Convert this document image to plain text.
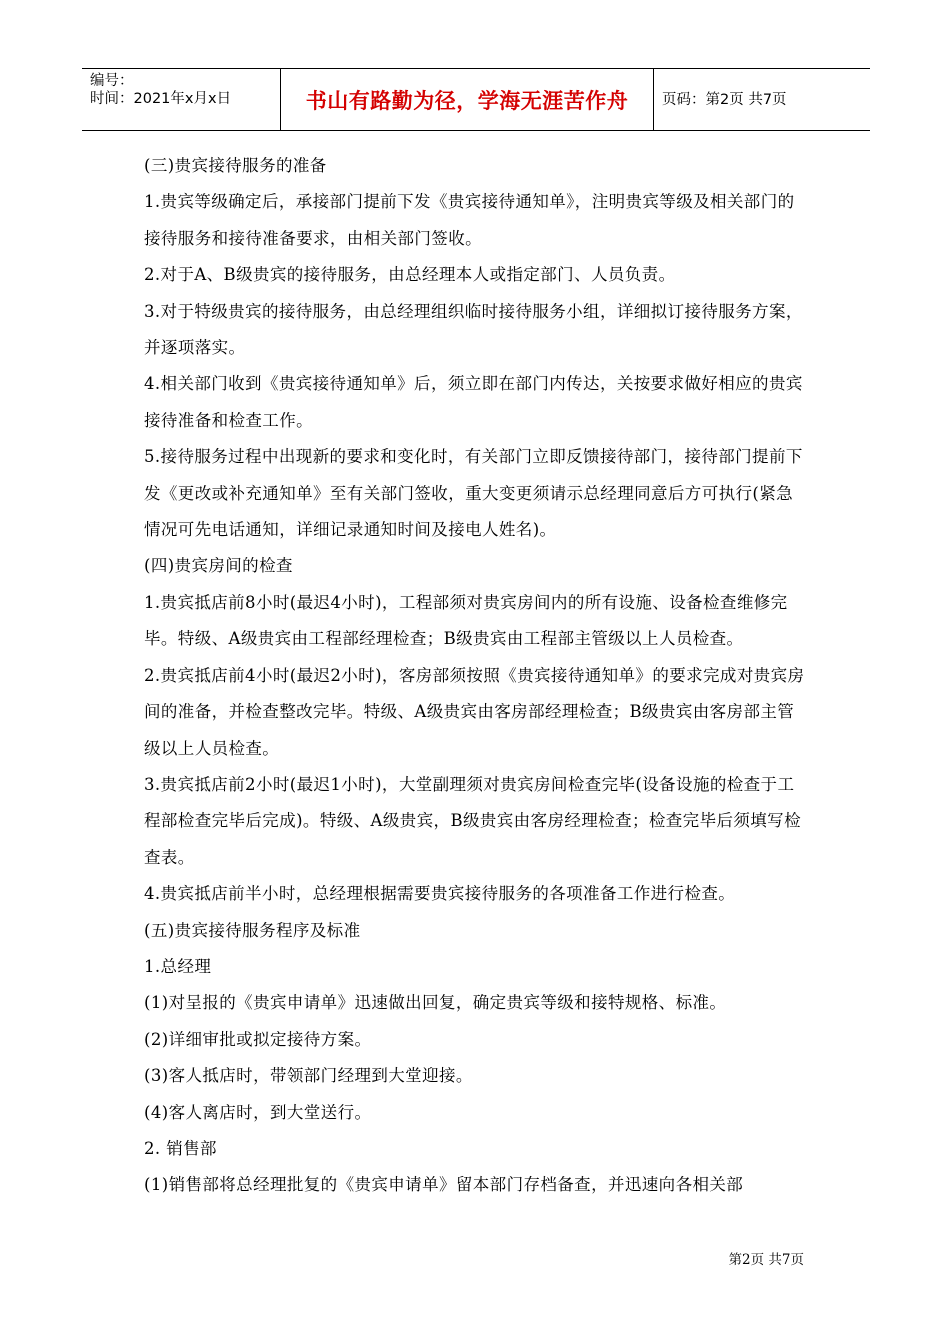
编号：
时间：2021年x月x日	书山有路勤为径，学海无涯苦作舟	页码：第2页 共7页

(三)贵宾接待服务的准备

1.贵宾等级确定后，承接部门提前下发《贵宾接待通知单》，注明贵宾等级及相关部门的接待服务和接待准备要求，由相关部门签收。

2.对于A、B级贵宾的接待服务，由总经理本人或指定部门、人员负责。

3.对于特级贵宾的接待服务，由总经理组织临时接待服务小组，详细拟订接待服务方案，并逐项落实。

4.相关部门收到《贵宾接待通知单》后，须立即在部门内传达，关按要求做好相应的贵宾接待准备和检查工作。

5.接待服务过程中出现新的要求和变化时，有关部门立即反馈接待部门，接待部门提前下发《更改或补充通知单》至有关部门签收，重大变更须请示总经理同意后方可执行(紧急情况可先电话通知，详细记录通知时间及接电人姓名)。

(四)贵宾房间的检查

1.贵宾抵店前8小时(最迟4小时)，工程部须对贵宾房间内的所有设施、设备检查维修完毕。特级、A级贵宾由工程部经理检查；B级贵宾由工程部主管级以上人员检查。

2.贵宾抵店前4小时(最迟2小时)，客房部须按照《贵宾接待通知单》的要求完成对贵宾房间的准备，并检查整改完毕。特级、A级贵宾由客房部经理检查；B级贵宾由客房部主管级以上人员检查。

3.贵宾抵店前2小时(最迟1小时)，大堂副理须对贵宾房间检查完毕(设备设施的检查于工程部检查完毕后完成)。特级、A级贵宾，B级贵宾由客房经理检查；检查完毕后须填写检查表。

4.贵宾抵店前半小时，总经理根据需要贵宾接待服务的各项准备工作进行检查。

(五)贵宾接待服务程序及标准

1.总经理

(1)对呈报的《贵宾申请单》迅速做出回复，确定贵宾等级和接特规格、标准。

(2)详细审批或拟定接待方案。

(3)客人抵店时，带领部门经理到大堂迎接。

(4)客人离店时，到大堂送行。

2. 销售部

(1)销售部将总经理批复的《贵宾申请单》留本部门存档备查，并迅速向各相关部

第2页 共7页
